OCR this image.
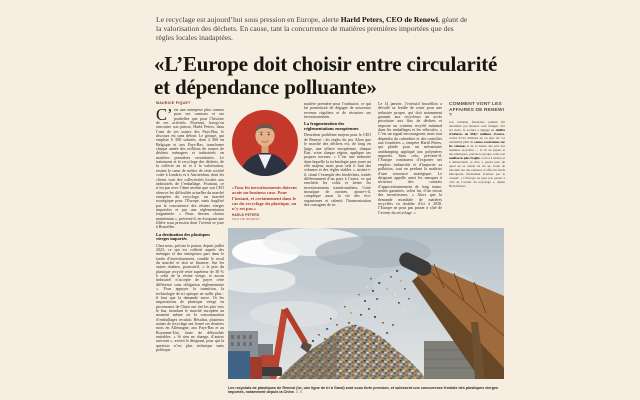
Le recyclage est aujourd’hui sous pression en Europe, alerte Harld Peters, CEO de Renewi, géant de la valorisation des déchets. En cause, tant la concurrence de matières premières importées que des règles locales inadaptées.

«L’Europe doit choisir entre circularité
et dépendance polluante»
MAURICE PIQUET

C’ est une entreprise plus connue pour ses camions et ses poubelles que pour l’histoire de ses activités. Pourtant, lorsqu’on rencontre son patron, Harld Peters, dans l’une de ses usines des Pays-Bas, le discours est sans détour. Le groupe, qui emploie 6 500 salariés, dont 4 400 en Belgique et aux Pays-Bas, transforme chaque année des millions de tonnes de déchets ménagers et industriels en matières premières secondaires. Le traitement et le recyclage des déchets, de la collecte au tri et à la valorisation, restent le cœur de métier de cette société cotée à Londres et à Amsterdam, dont les clients vont des collectivités locales aux industriels de l’emballage. Pourtant, ce n’est pas avec l’âme sereine que son CEO observe les difficultés actuelles du marché européen du recyclage, un marché stratégique pour l’Europe, mais fragilisé par la concurrence des résines vierges importées et par une réglementation fragmentée. « Nous devons choisir maintenant », prévient-il, en évoquant une filière sous pression dont l’avenir se joue à Bruxelles.

La destination des plastiques vierges importés

Chez nous, précise le patron, depuis juillet 2023, ce qui est collecté auprès des ménages et des entreprises part dans le fonds d’investissement, comble le recul du marché et doit se financer. Sur les autres chaînes, poursuit-il, « le prix du plastique recyclé reste supérieur de 30 % à celui de la résine vierge, et aucun industriel n’accepte de payer cette différence sans obligation réglementaire ». Pour appuyer la transition, la technologie de tri optique ne suffit plus : il faut que la demande suive. Or les importations de plastique vierge en provenance de Chine ont tiré les prix vers le bas, inondant le marché européen au moment même où la consommation d’emballages reculait. Résultat, plusieurs usines de recyclage ont fermé ces derniers mois en Allemagne, aux Pays-Bas et au Royaume-Uni, faute de débouchés rentables. « Si rien ne change, d’autres suivront », avertit le dirigeant, pour qui la question n’est plus technique mais politique.

«Tous les investissements doivent avoir un business case. Pour l’instant, et certainement dans le cas du recyclage du plastique, on n’y est pas.»

HARLD PETERS
CEO DE RENEWI

matière première pour l’industrie, ce qui lui permettrait de dégager de nouveaux revenus réguliers et de sécuriser ses investissements.

La fragmentation des réglementations européennes

Deuxième problème majeur pour le CEO de Renewi : les règles du jeu. Alors que le marché des déchets est, de long en large, une affaire européenne, chaque État, voire chaque région, applique ses propres normes. « C’est une industrie dans laquelle la technologie peut jouer un rôle majeur, mais pour cela il faut des volumes et des règles stables », insiste-t-il, citant l’exemple des biodéchets, traités différemment d’un pays à l’autre, ce qui renchérit les coûts et freine les investissements transfrontaliers. Cette mosaïque de normes, ajoute-t-il, complique aussi la vie des éco-organismes et ralentit l’harmonisation des consignes de tri.

Le 14 janvier, l’exécutif bruxellois a dévoilé sa feuille de route pour une industrie propre, qui doit notamment garantir aux recycleurs un accès prioritaire aux flux de déchets et imposer un contenu recyclé minimal dans les emballages et les véhicules. « C’est un signal encourageant, mais tout dépendra du calendrier et des contrôles aux frontières », tempère Harld Peters, qui plaide pour un mécanisme antidumping appliqué aux polymères importés. Sans cela, prévient-il, l’Europe continuera d’exporter ses emplois industriels et d’importer sa pollution, tout en perdant la maîtrise d’une ressource stratégique. Le dirigeant appelle aussi les marques à sécuriser des contrats d’approvisionnement de long terme, seules garanties, selon lui, d’un retour des investisseurs. « Alors que la demande mondiale de matières recyclées va doubler d’ici à 2030, l’Europe ne peut pas passer à côté de l’avenir du recyclage. »

COMMENT VONT LES AFFAIRES DE RENEWI ?

Les résultats financiers publiés fin décembre par Renewi sont mitigés. Sur six mois, la société a dégagé un chiffre d’affaires de 968,7 millions d’euros, contre 974,5 millions un an plus tôt. La rentabilité pâtit de ventes contraintes sur les volumes et de la baisse des prix des matières recyclées — le tri du papier et des plastiques, précise le groupe, reste son maillon le plus fragile. Coté à Londres et à Amsterdam, le titre a perdu près du quart de sa valeur en un an, avant de rebondir sur des rumeurs d’offre du fonds Macquarie, finalement écartées par le conseil. « L’Europe ne peut pas passer à côté de l’avenir du recyclage », répète Harld Peters.

Les recyclats de plastiques de Renewi (ici, une ligne de tri à Gand) sont sous forte pression, et subissent une concurrence frontale des plastiques vierges importés, notamment depuis la Chine. D. R.
